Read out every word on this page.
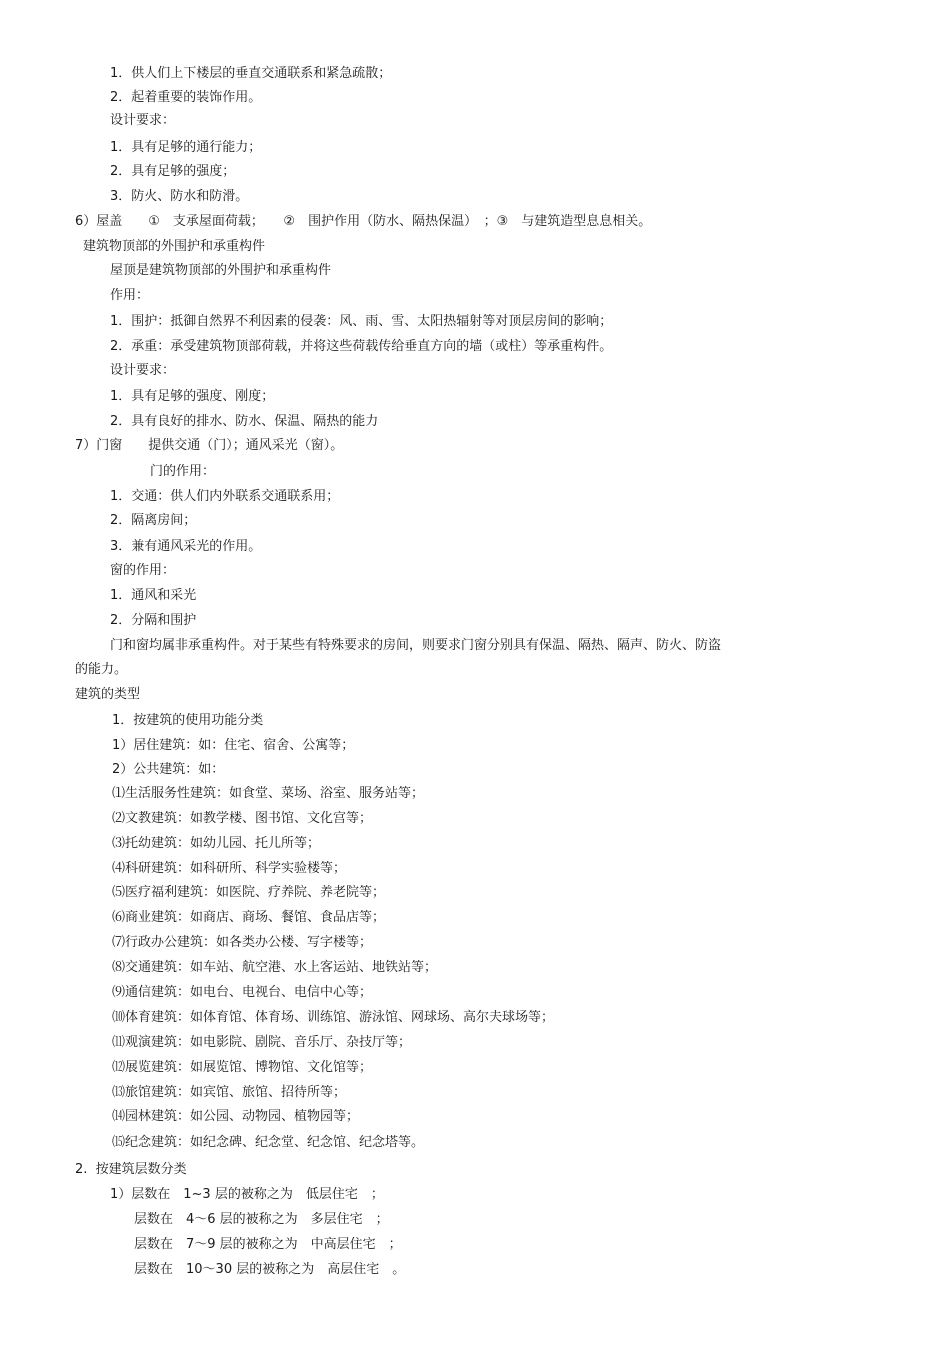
1．供人们上下楼层的垂直交通联系和紧急疏散；
2．起着重要的装饰作用。
设计要求：
1．具有足够的通行能力；
2．具有足够的强度；
3．防火、防水和防滑。
6）屋盖　　①　支承屋面荷载；　　②　围护作用（防水、隔热保温）　；③　与建筑造型息息相关。
建筑物顶部的外围护和承重构件
屋顶是建筑物顶部的外围护和承重构件
作用：
1．围护：抵御自然界不利因素的侵袭：风、雨、雪、太阳热辐射等对顶层房间的影响；
2．承重：承受建筑物顶部荷载，并将这些荷载传给垂直方向的墙（或柱）等承重构件。
设计要求：
1．具有足够的强度、刚度；
2．具有良好的排水、防水、保温、隔热的能力
7）门窗　　提供交通（门）；通风采光（窗）。
门的作用：
1．交通：供人们内外联系交通联系用；
2．隔离房间；
3．兼有通风采光的作用。
窗的作用：
1．通风和采光
2．分隔和围护
门和窗均属非承重构件。对于某些有特殊要求的房间，则要求门窗分别具有保温、隔热、隔声、防火、防盗
的能力。
建筑的类型
1．按建筑的使用功能分类
1）居住建筑：如：住宅、宿舍、公寓等；
2）公共建筑：如：
⑴生活服务性建筑：如食堂、菜场、浴室、服务站等；
⑵文教建筑：如教学楼、图书馆、文化宫等；
⑶托幼建筑：如幼儿园、托儿所等；
⑷科研建筑：如科研所、科学实验楼等；
⑸医疗福利建筑：如医院、疗养院、养老院等；
⑹商业建筑：如商店、商场、餐馆、食品店等；
⑺行政办公建筑：如各类办公楼、写字楼等；
⑻交通建筑：如车站、航空港、水上客运站、地铁站等；
⑼通信建筑：如电台、电视台、电信中心等；
⑽体育建筑：如体育馆、体育场、训练馆、游泳馆、网球场、高尔夫球场等；
⑾观演建筑：如电影院、剧院、音乐厅、杂技厅等；
⑿展览建筑：如展览馆、博物馆、文化馆等；
⒀旅馆建筑：如宾馆、旅馆、招待所等；
⒁园林建筑：如公园、动物园、植物园等；
⒂纪念建筑：如纪念碑、纪念堂、纪念馆、纪念塔等。
2.  按建筑层数分类
1）层数在　1~3 层的被称之为　低层住宅　；
层数在　4～6 层的被称之为　多层住宅　；
层数在　7～9 层的被称之为　中高层住宅　；
层数在　10～30 层的被称之为　高层住宅　。
